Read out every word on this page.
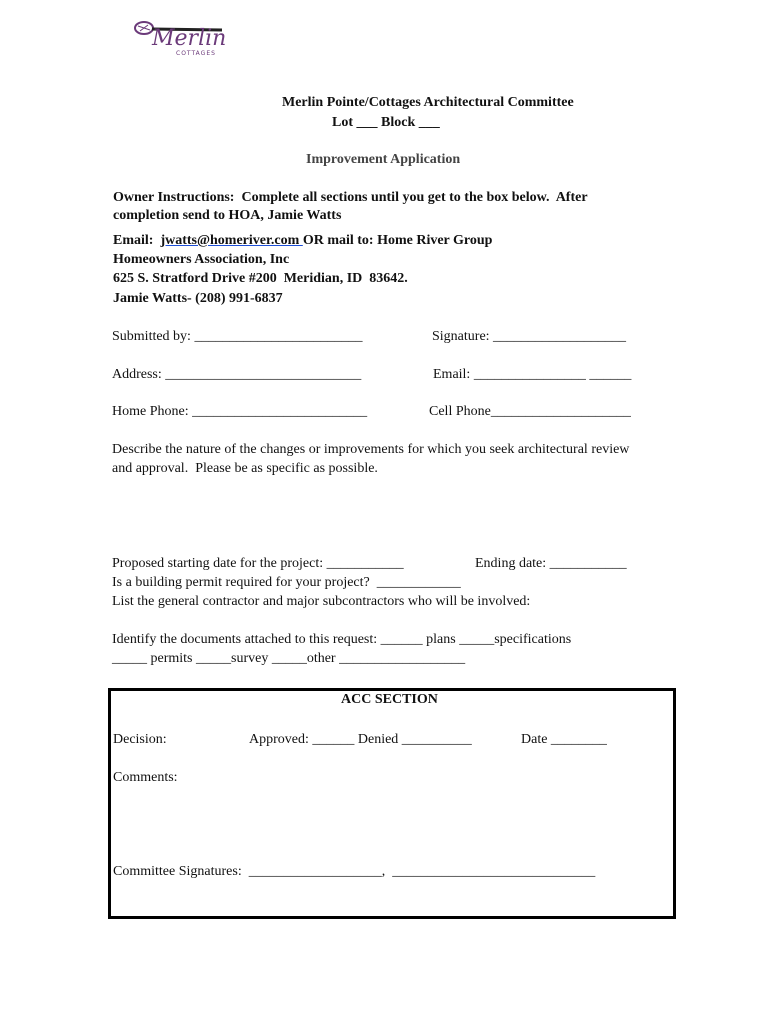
Merlin
COTTAGES
Merlin Pointe/Cottages Architectural Committee
Lot ___ Block ___
Improvement Application
Owner Instructions:  Complete all sections until you get to the box below.  After
completion send to HOA, Jamie Watts
Email:  jwatts@homeriver.com OR mail to: Home River Group
Homeowners Association, Inc
625 S. Stratford Drive #200  Meridian, ID  83642.
Jamie Watts- (208) 991-6837
Submitted by: ________________________	Signature: ___________________
Address: ____________________________	Email: ________________ ______
Home Phone: _________________________	Cell Phone____________________
Describe the nature of the changes or improvements for which you seek architectural review
and approval.  Please be as specific as possible.
Proposed starting date for the project: ___________	Ending date: ___________
Is a building permit required for your project?  ____________
List the general contractor and major subcontractors who will be involved:
Identify the documents attached to this request: ______ plans _____specifications
_____ permits _____survey _____other __________________
ACC SECTION
Decision:	Approved: ______ Denied __________	Date ________
Comments:
Committee Signatures:  ___________________,  _____________________________
